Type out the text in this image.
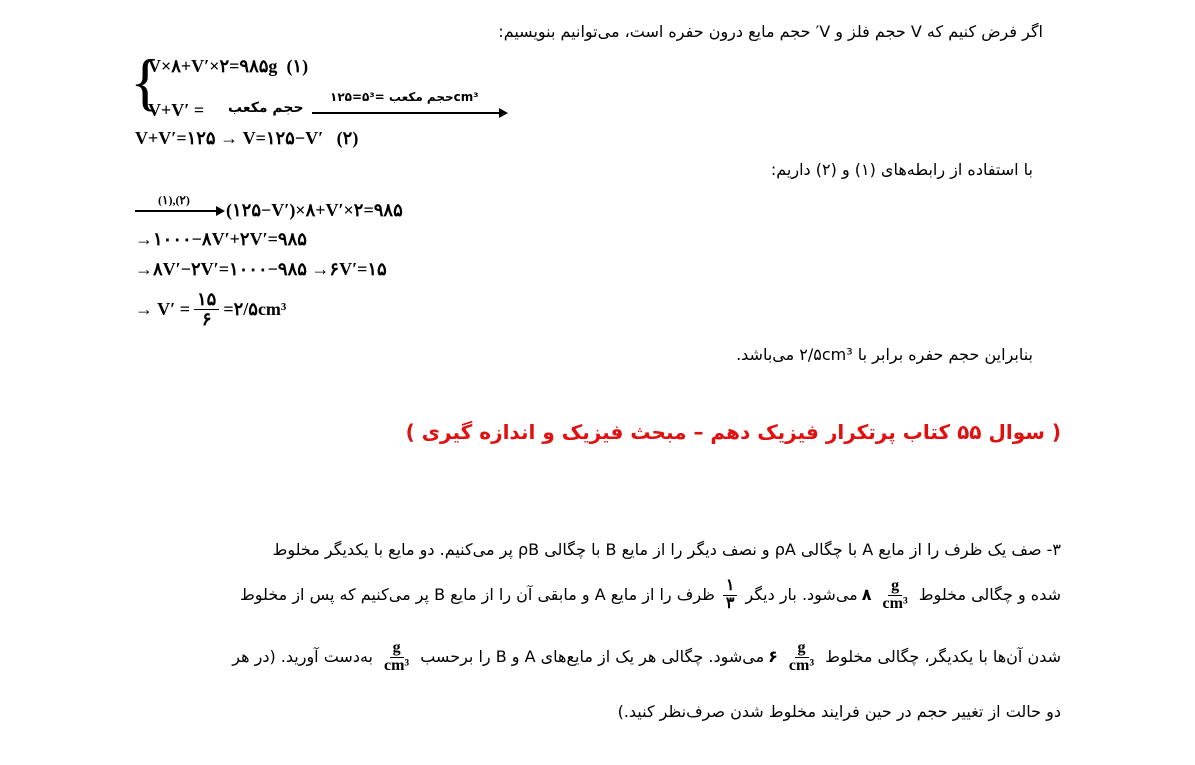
اگر فرض کنیم که V حجم فلز و V′ حجم مایع درون حفره است، می‌توانیم بنویسیم:
{
V×۸+V′×۲=۹۸۵g (۱)
V+V′ = حجم مکعب
حجم مکعب =۵³=۱۲۵cm³
V+V′=۱۲۵ → V=۱۲۵−V′ (۲)
با استفاده از رابطه‌های (۱) و (۲) داریم:
(۱),(۲) (۱۲۵−V′)×۸+V′×۲=۹۸۵
→۱۰۰۰−۸V′+۲V′=۹۸۵
→۸V′−۲V′=۱۰۰۰−۹۸۵ →۶V′=۱۵
→ $V' = \frac{۱۵}{۶}$ =۲/۵cm³
بنابراین حجم حفره برابر با ۲/۵cm³ می‌باشد.
( سوال ۵۵ کتاب پرتکرار فیزیک دهم – مبحث فیزیک و اندازه گیری )
۳- صف یک ظرف را از مایع A با چگالی ρA و نصف دیگر را از مایع B با چگالی ρB پر می‌کنیم. دو مایع با یکدیگر مخلوط
شده و چگالی مخلوط
$\frac{g}{\text{cm³}}$
۸
می‌شود. بار دیگر
$\frac{۱}{۳}$
ظرف را از مایع A و مابقی آن را از مایع B پر می‌کنیم که پس از مخلوط
شدن آن‌ها با یکدیگر، چگالی مخلوط
$\frac{g}{\text{cm³}}$
۶
می‌شود. چگالی هر یک از مایع‌های A و B را برحسب
$\frac{g}{\text{cm³}}$
به‌دست آورید. (در هر
دو حالت از تغییر حجم در حین فرایند مخلوط شدن صرف‌نظر کنید.)
